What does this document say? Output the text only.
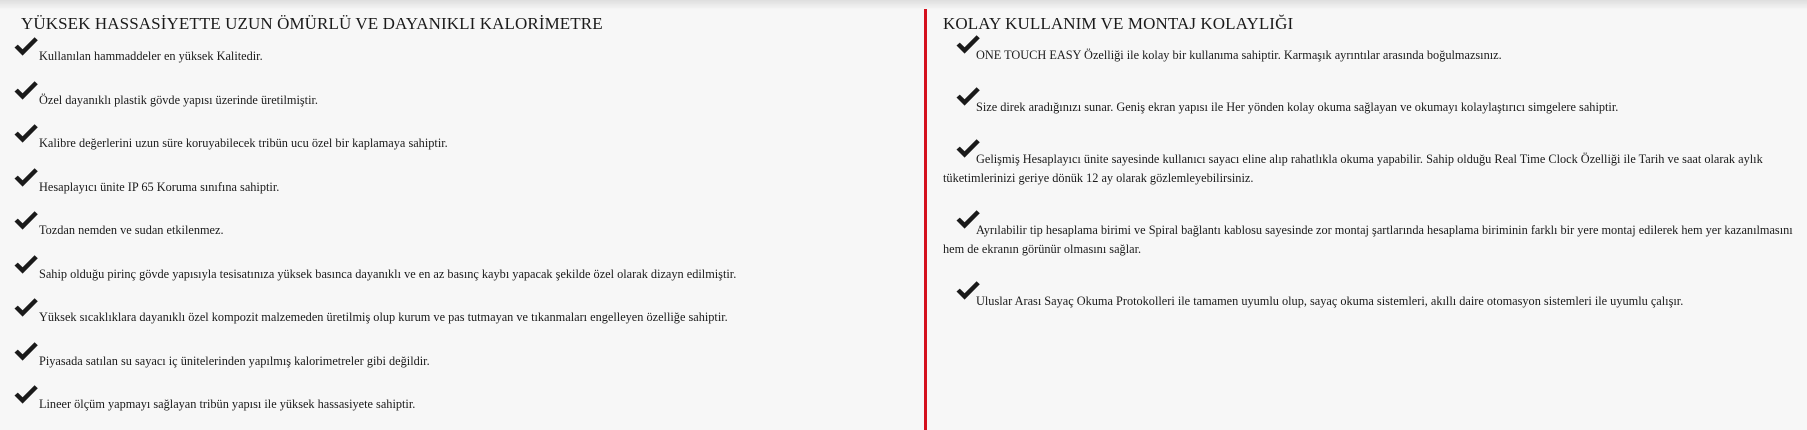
YÜKSEK HASSASİYETTE UZUN ÖMÜRLÜ VE DAYANIKLI KALORİMETRE
Kullanılan hammaddeler en yüksek Kalitedir.
Özel dayanıklı plastik gövde yapısı üzerinde üretilmiştir.
Kalibre değerlerini uzun süre koruyabilecek tribün ucu özel bir kaplamaya sahiptir.
Hesaplayıcı ünite IP 65 Koruma sınıfına sahiptir.
Tozdan nemden ve sudan etkilenmez.
Sahip olduğu pirinç gövde yapısıyla tesisatınıza yüksek basınca dayanıklı ve en az basınç kaybı yapacak şekilde özel olarak dizayn edilmiştir.
Yüksek sıcaklıklara dayanıklı özel kompozit malzemeden üretilmiş olup kurum ve pas tutmayan ve tıkanmaları engelleyen özelliğe sahiptir.
Piyasada satılan su sayacı iç ünitelerinden yapılmış kalorimetreler gibi değildir.
Lineer ölçüm yapmayı sağlayan tribün yapısı ile yüksek hassasiyete sahiptir.
KOLAY KULLANIM VE MONTAJ KOLAYLIĞI
ONE TOUCH EASY Özelliği ile kolay bir kullanıma sahiptir. Karmaşık ayrıntılar arasında boğulmazsınız.
Size direk aradığınızı sunar. Geniş ekran yapısı ile Her yönden kolay okuma sağlayan ve okumayı kolaylaştırıcı simgelere sahiptir.
Gelişmiş Hesaplayıcı ünite sayesinde kullanıcı sayacı eline alıp rahatlıkla okuma yapabilir. Sahip olduğu Real Time Clock Özelliği ile Tarih ve saat olarak aylık tüketimlerinizi geriye dönük 12 ay olarak gözlemleyebilirsiniz.
Ayrılabilir tip hesaplama birimi ve Spiral bağlantı kablosu sayesinde zor montaj şartlarında hesaplama biriminin farklı bir yere montaj edilerek hem yer kazanılmasını hem de ekranın görünür olmasını sağlar.
Uluslar Arası Sayaç Okuma Protokolleri ile tamamen uyumlu olup, sayaç okuma sistemleri, akıllı daire otomasyon sistemleri ile uyumlu çalışır.
